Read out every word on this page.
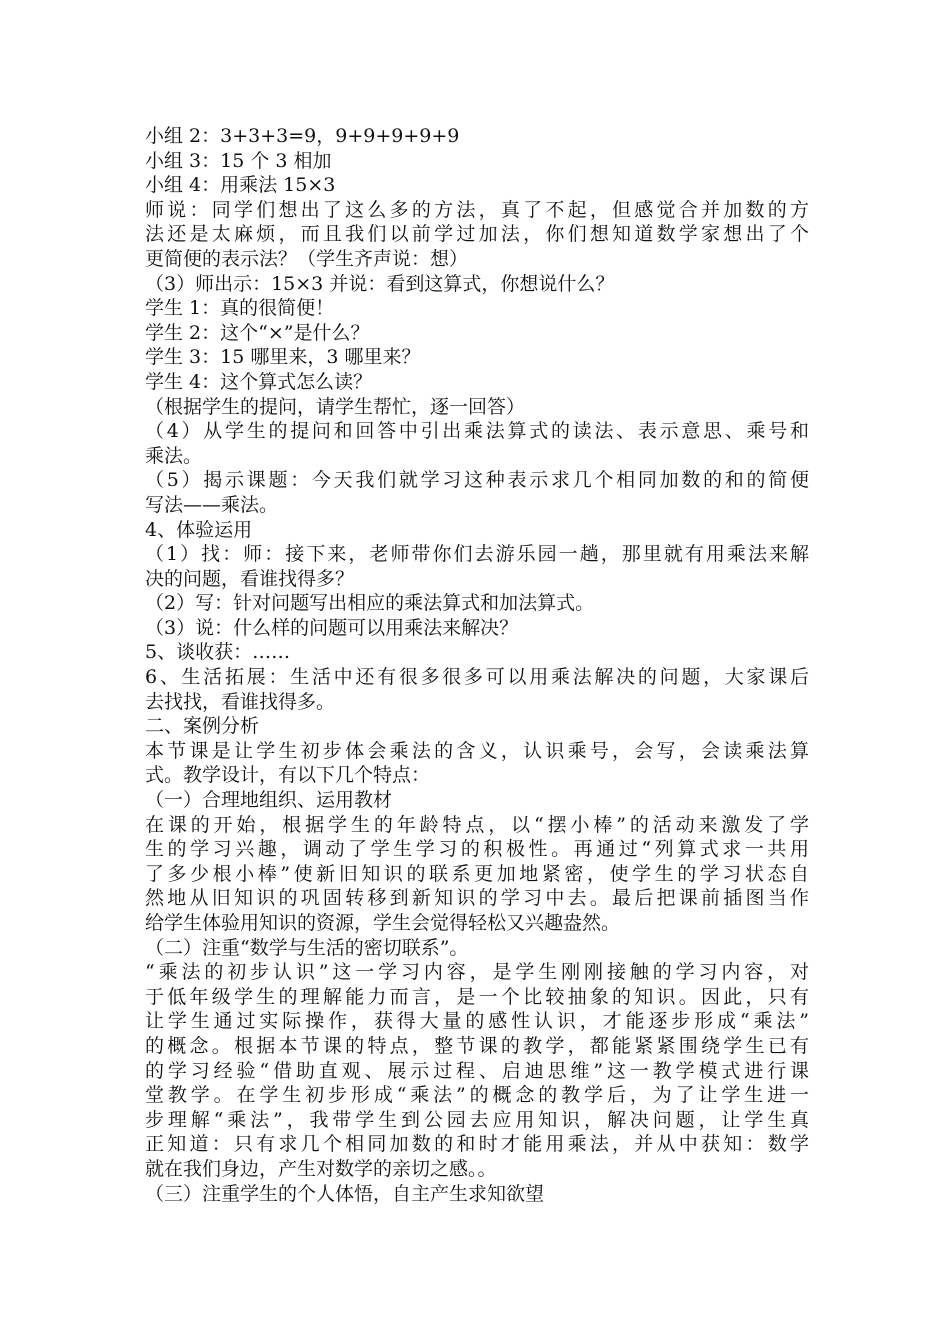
小组 2：3+3+3=9，9+9+9+9+9
小组 3：15 个 3 相加
小组 4：用乘法 15×3
师说：同学们想出了这么多的方法，真了不起，但感觉合并加数的方
法还是太麻烦，而且我们以前学过加法，你们想知道数学家想出了个
更简便的表示法？（学生齐声说：想）
（3）师出示：15×3 并说：看到这算式，你想说什么？
学生 1：真的很简便！
学生 2：这个“×”是什么？
学生 3：15 哪里来，3 哪里来？
学生 4：这个算式怎么读？
（根据学生的提问，请学生帮忙，逐一回答）
（4）从学生的提问和回答中引出乘法算式的读法、表示意思、乘号和
乘法。
（5）揭示课题：今天我们就学习这种表示求几个相同加数的和的简便
写法——乘法。
4、体验运用
（1）找：师：接下来，老师带你们去游乐园一趟，那里就有用乘法来解
决的问题，看谁找得多？
（2）写：针对问题写出相应的乘法算式和加法算式。
（3）说：什么样的问题可以用乘法来解决？
5、谈收获：……
6、生活拓展：生活中还有很多很多可以用乘法解决的问题，大家课后
去找找，看谁找得多。
二、案例分析
本节课是让学生初步体会乘法的含义，认识乘号，会写，会读乘法算
式。教学设计，有以下几个特点：
（一）合理地组织、运用教材
在课的开始，根据学生的年龄特点，以“摆小棒”的活动来激发了学
生的学习兴趣，调动了学生学习的积极性。再通过“列算式求一共用
了多少根小棒”使新旧知识的联系更加地紧密，使学生的学习状态自
然地从旧知识的巩固转移到新知识的学习中去。最后把课前插图当作
给学生体验用知识的资源，学生会觉得轻松又兴趣盎然。
（二）注重“数学与生活的密切联系”。
“乘法的初步认识”这一学习内容，是学生刚刚接触的学习内容，对
于低年级学生的理解能力而言，是一个比较抽象的知识。因此，只有
让学生通过实际操作，获得大量的感性认识，才能逐步形成“乘法”
的概念。根据本节课的特点，整节课的教学，都能紧紧围绕学生已有
的学习经验“借助直观、展示过程、启迪思维”这一教学模式进行课
堂教学。在学生初步形成“乘法”的概念的教学后，为了让学生进一
步理解“乘法”，我带学生到公园去应用知识，解决问题，让学生真
正知道：只有求几个相同加数的和时才能用乘法，并从中获知：数学
就在我们身边，产生对数学的亲切之感。。
（三）注重学生的个人体悟，自主产生求知欲望
